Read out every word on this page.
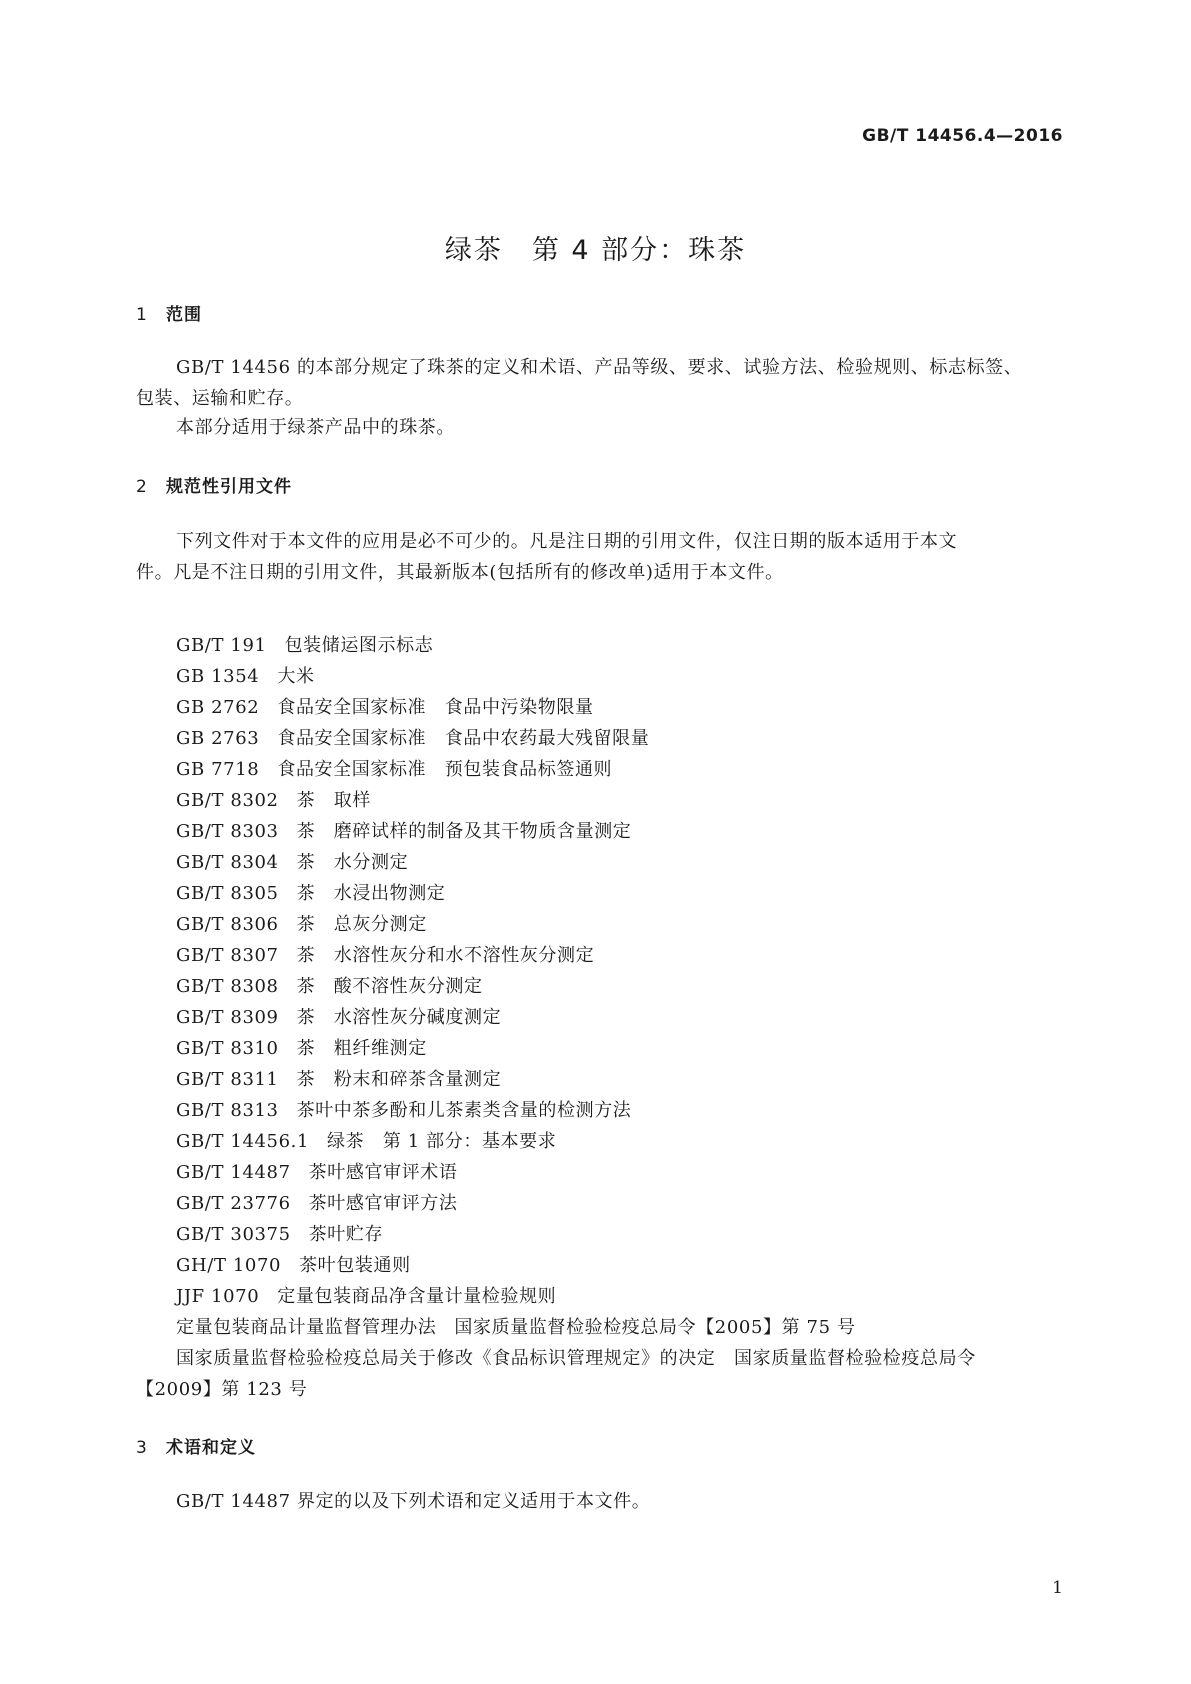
GB/T 14456.4—2016
绿茶　第 4 部分：珠茶
1 范围
GB/T 14456 的本部分规定了珠茶的定义和术语、产品等级、要求、试验方法、检验规则、标志标签、
包装、运输和贮存。
本部分适用于绿茶产品中的珠茶。
2 规范性引用文件
下列文件对于本文件的应用是必不可少的。凡是注日期的引用文件，仅注日期的版本适用于本文
件。凡是不注日期的引用文件，其最新版本(包括所有的修改单)适用于本文件。
GB/T 191 包装储运图示标志
GB 1354 大米
GB 2762 食品安全国家标准　食品中污染物限量
GB 2763 食品安全国家标准　食品中农药最大残留限量
GB 7718 食品安全国家标准　预包装食品标签通则
GB/T 8302 茶　取样
GB/T 8303 茶　磨碎试样的制备及其干物质含量测定
GB/T 8304 茶　水分测定
GB/T 8305 茶　水浸出物测定
GB/T 8306 茶　总灰分测定
GB/T 8307 茶　水溶性灰分和水不溶性灰分测定
GB/T 8308 茶　酸不溶性灰分测定
GB/T 8309 茶　水溶性灰分碱度测定
GB/T 8310 茶　粗纤维测定
GB/T 8311 茶　粉末和碎茶含量测定
GB/T 8313 茶叶中茶多酚和儿茶素类含量的检测方法
GB/T 14456.1 绿茶　第 1 部分：基本要求
GB/T 14487 茶叶感官审评术语
GB/T 23776 茶叶感官审评方法
GB/T 30375 茶叶贮存
GH/T 1070 茶叶包装通则
JJF 1070 定量包装商品净含量计量检验规则
定量包装商品计量监督管理办法 国家质量监督检验检疫总局令【2005】第 75 号
国家质量监督检验检疫总局关于修改《食品标识管理规定》的决定　国家质量监督检验检疫总局令
【2009】第 123 号
3 术语和定义
GB/T 14487 界定的以及下列术语和定义适用于本文件。
1
